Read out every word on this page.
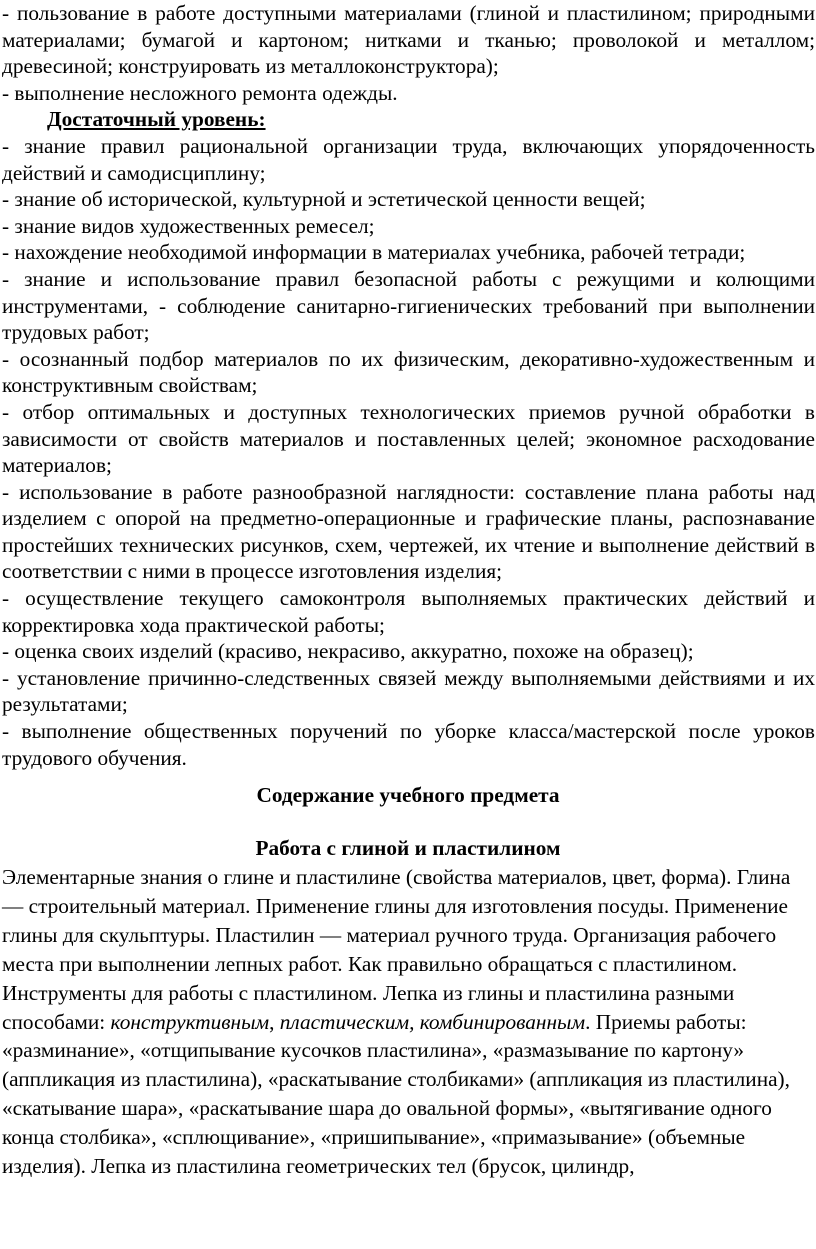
- пользование в работе доступными материалами (глиной и пластилином; природными материалами; бумагой и картоном; нитками и тканью; проволокой и металлом; древесиной; конструировать из металлоконструктора);

- выполнение несложного ремонта одежды.

Достаточный уровень:

- знание правил рациональной организации труда, включающих упорядоченность действий и самодисциплину;

- знание об исторической, культурной и эстетической ценности вещей;

- знание видов художественных ремесел;

- нахождение необходимой информации в материалах учебника, рабочей тетради;

- знание и использование правил безопасной работы с режущими и колющими инструментами, - соблюдение санитарно-гигиенических требований при выполнении трудовых работ;

- осознанный подбор материалов по их физическим, декоративно-художественным и конструктивным свойствам;

- отбор оптимальных и доступных технологических приемов ручной обработки в зависимости от свойств материалов и поставленных целей; экономное расходование материалов;

- использование в работе разнообразной наглядности: составление плана работы над изделием с опорой на предметно-операционные и графические планы, распознавание простейших технических рисунков, схем, чертежей, их чтение и выполнение действий в соответствии с ними в процессе изготовления изделия;

- осуществление текущего самоконтроля выполняемых практических действий и корректировка хода практической работы;

- оценка своих изделий (красиво, некрасиво, аккуратно, похоже на образец);

- установление причинно-следственных связей между выполняемыми действиями и их результатами;

- выполнение общественных поручений по уборке класса/мастерской после уроков трудового обучения.

Содержание учебного предмета

Работа с глиной и пластилином

Элементарные знания о глине и пластилине (свойства материалов, цвет, форма). Глина — строительный материал. Применение глины для изготовления посуды. Применение глины для скульптуры. Пластилин — материал ручного труда. Организация рабочего места при выполнении лепных работ. Как правильно обращаться с пластилином. Инструменты для работы с пластилином. Лепка из глины и пластилина разными способами: конструктивным, пластическим, комбинированным. Приемы работы: «разминание», «отщипывание кусочков пластилина», «размазывание по картону» (аппликация из пластилина), «раскатывание столбиками» (аппликация из пластилина), «скатывание шара», «раскатывание шара до овальной формы», «вытягивание одного конца столбика», «сплющивание», «пришипывание», «примазывание» (объемные изделия). Лепка из пластилина геометрических тел (брусок, цилиндр,
